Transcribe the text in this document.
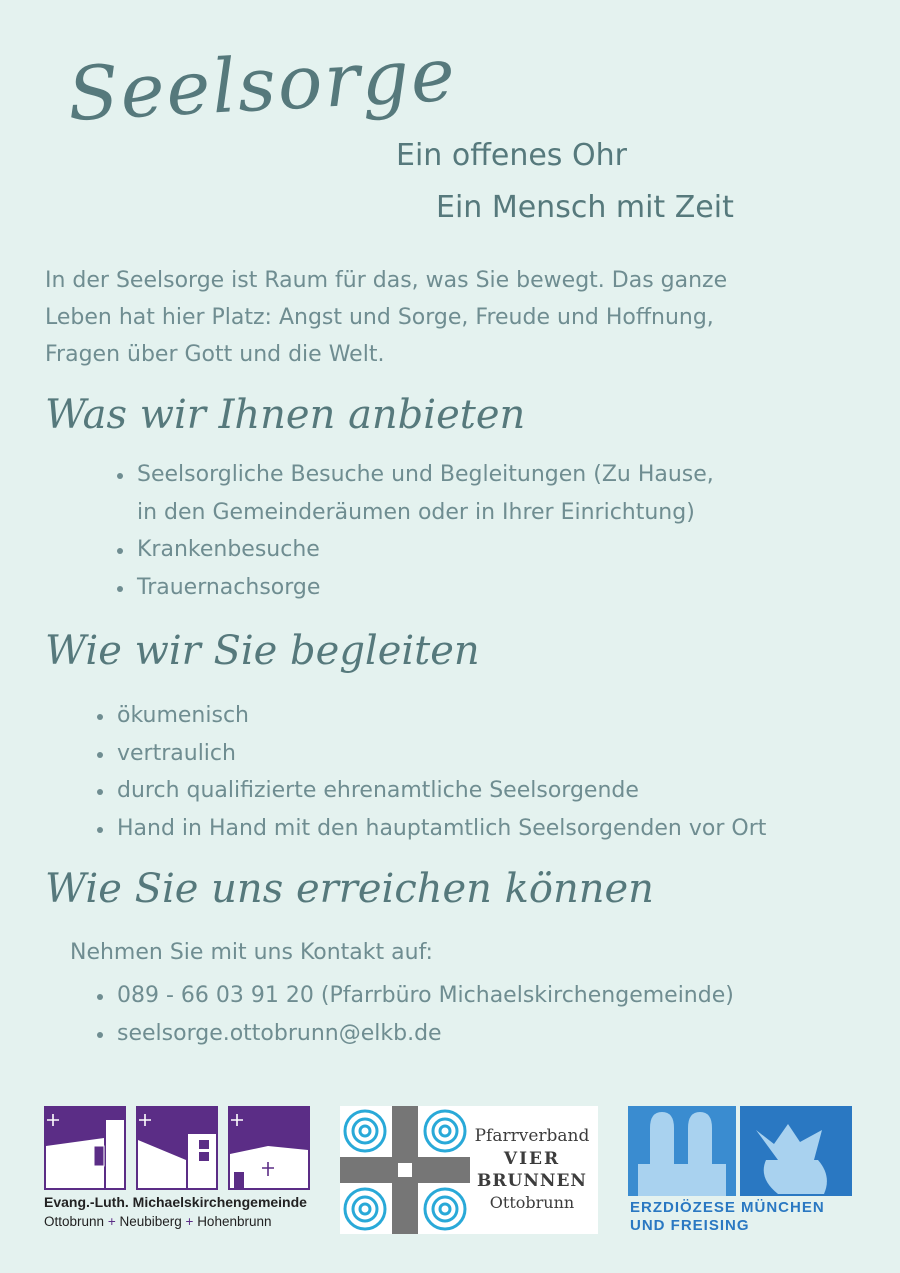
Seelsorge
Ein offenes Ohr
Ein Mensch mit Zeit

In der Seelsorge ist Raum für das, was Sie bewegt. Das ganze
Leben hat hier Platz: Angst und Sorge, Freude und Hoffnung,
Fragen über Gott und die Welt.

Was wir Ihnen anbieten
Seelsorgliche Besuche und Begleitungen (Zu Hause,
in den Gemeinderäumen oder in Ihrer Einrichtung)
Krankenbesuche
Trauernachsorge
Wie wir Sie begleiten
ökumenisch
vertraulich
durch qualifizierte ehrenamtliche Seelsorgende
Hand in Hand mit den hauptamtlich Seelsorgenden vor Ort
Wie Sie uns erreichen können

Nehmen Sie mit uns Kontakt auf:

089 - 66 03 91 20 (Pfarrbüro Michaelskirchengemeinde)
seelsorge.ottobrunn@elkb.de
Evang.-Luth. Michaelskirchengemeinde
Ottobrunn + Neubiberg + Hohenbrunn
Pfarrverband
VIER
BRUNNEN
Ottobrunn	ERZDIÖZESE MÜNCHEN
UND FREISING
